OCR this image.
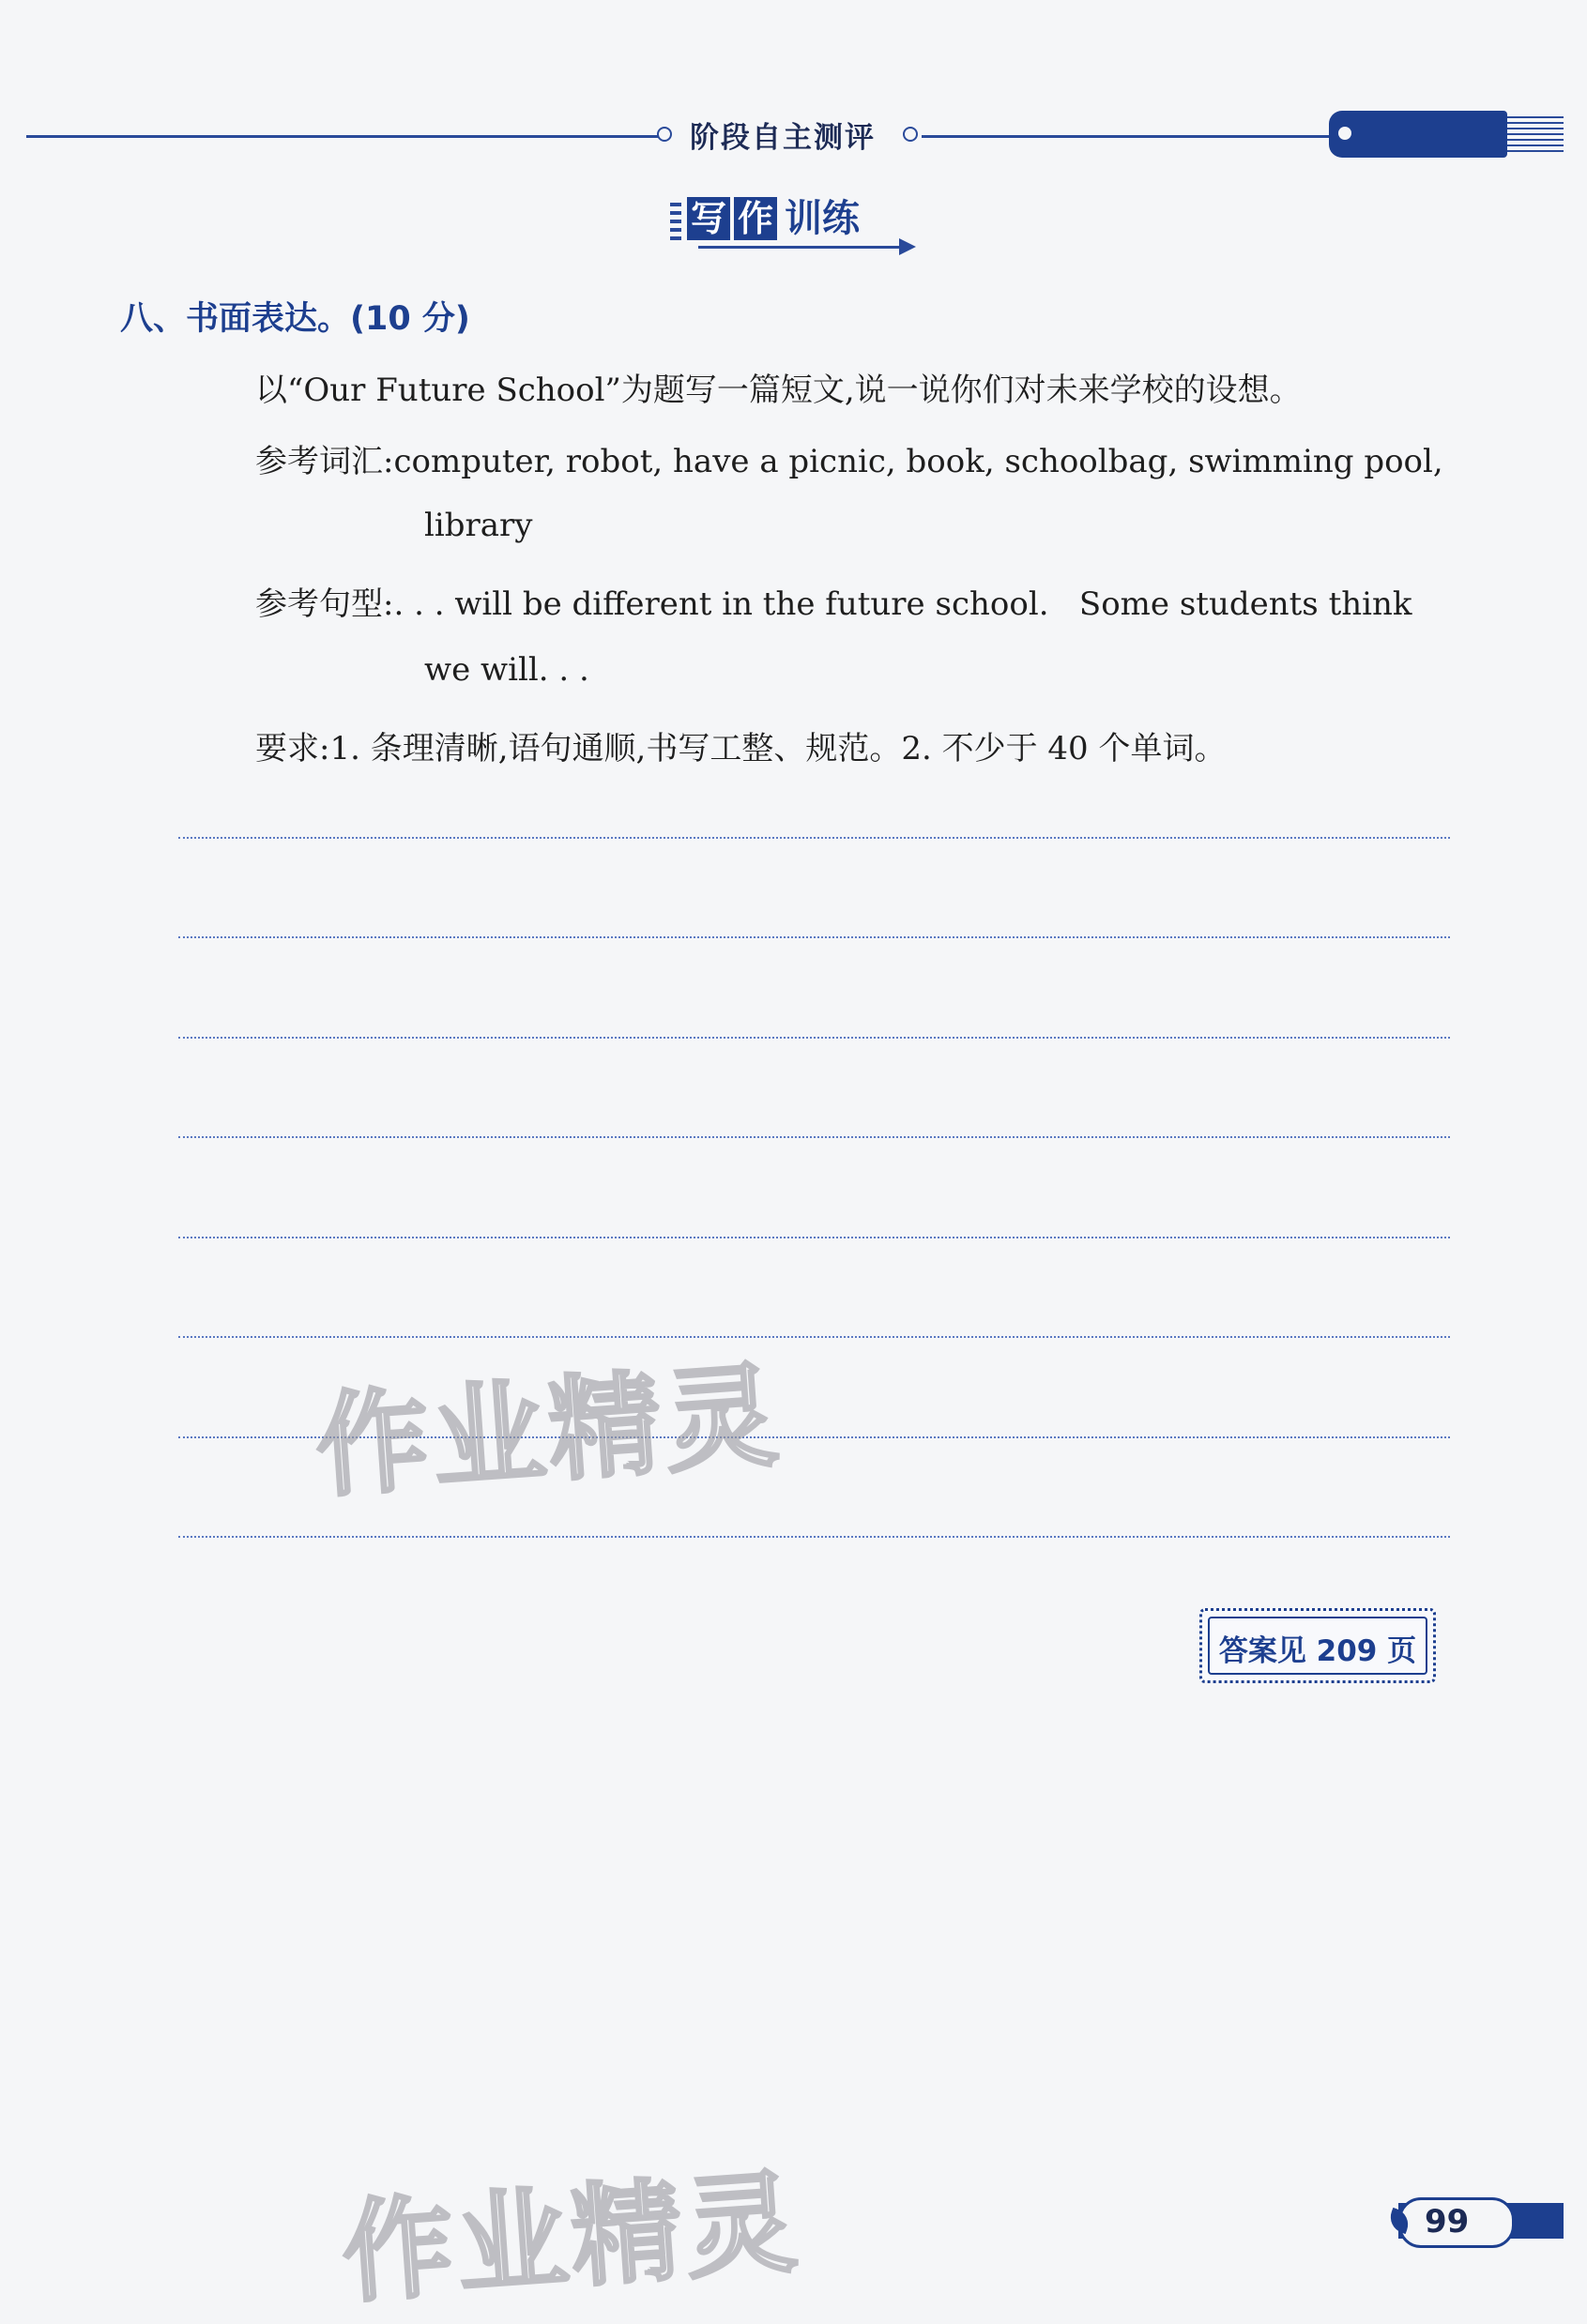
阶段自主测评
写 作 训练
八、书面表达。(10 分)
以“Our Future School”为题写一篇短文,说一说你们对未来学校的设想。
参考词汇:computer, robot, have a picnic, book, schoolbag, swimming pool,
library
参考句型:. . . will be different in the future school.   Some students think
we will. . .
要求:1. 条理清晰,语句通顺,书写工整、规范。2. 不少于 40 个单词。
作业精灵
答案见 209 页
作业精灵	99
